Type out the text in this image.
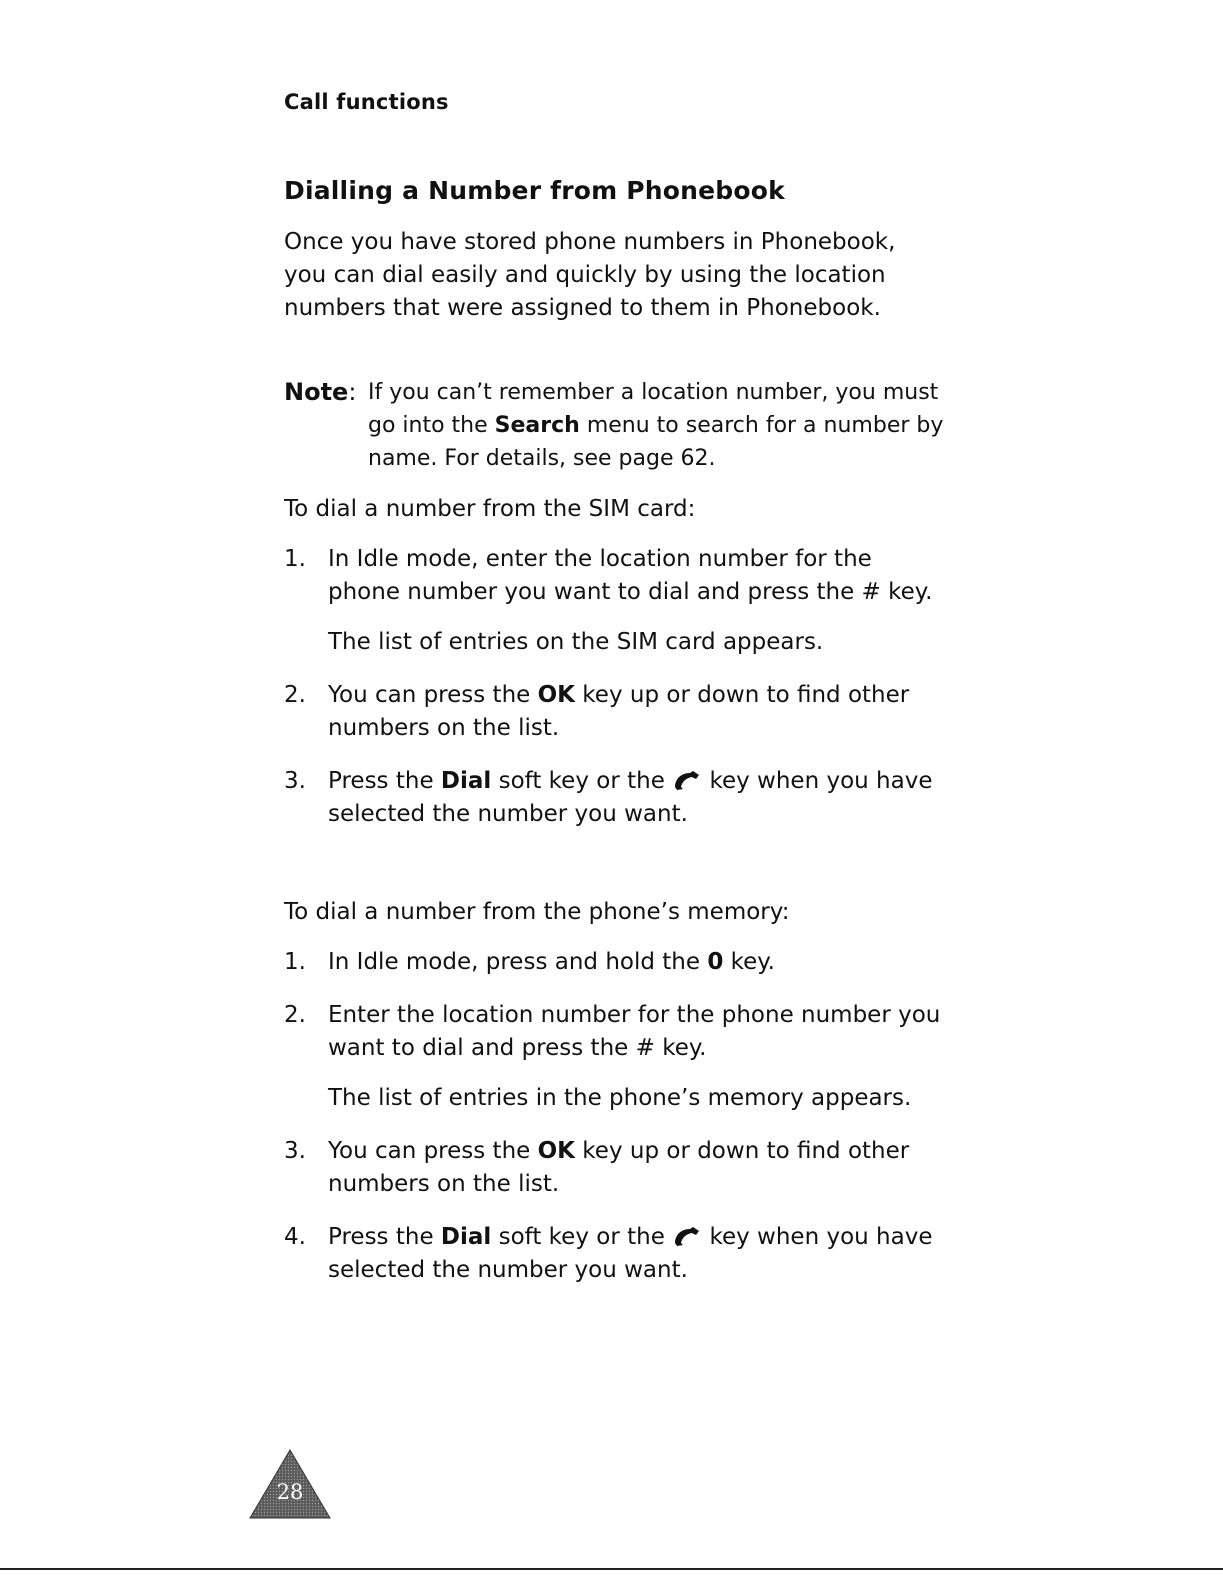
Call functions
Dialling a Number from Phonebook
Once you have stored phone numbers in Phonebook, you can dial easily and quickly by using the location numbers that were assigned to them in Phonebook.
Note: If you can’t remember a location number, you must go into the Search menu to search for a number by name. For details, see page 62.
To dial a number from the SIM card:
1. In Idle mode, enter the location number for the phone number you want to dial and press the # key.
The list of entries on the SIM card appears.
2. You can press the OK key up or down to find other numbers on the list.
3. Press the Dial soft key or the  key when you have selected the number you want.
To dial a number from the phone’s memory:
1. In Idle mode, press and hold the 0 key.
2. Enter the location number for the phone number you want to dial and press the # key.
The list of entries in the phone’s memory appears.
3. You can press the OK key up or down to find other numbers on the list.
4. Press the Dial soft key or the  key when you have selected the number you want.
28
